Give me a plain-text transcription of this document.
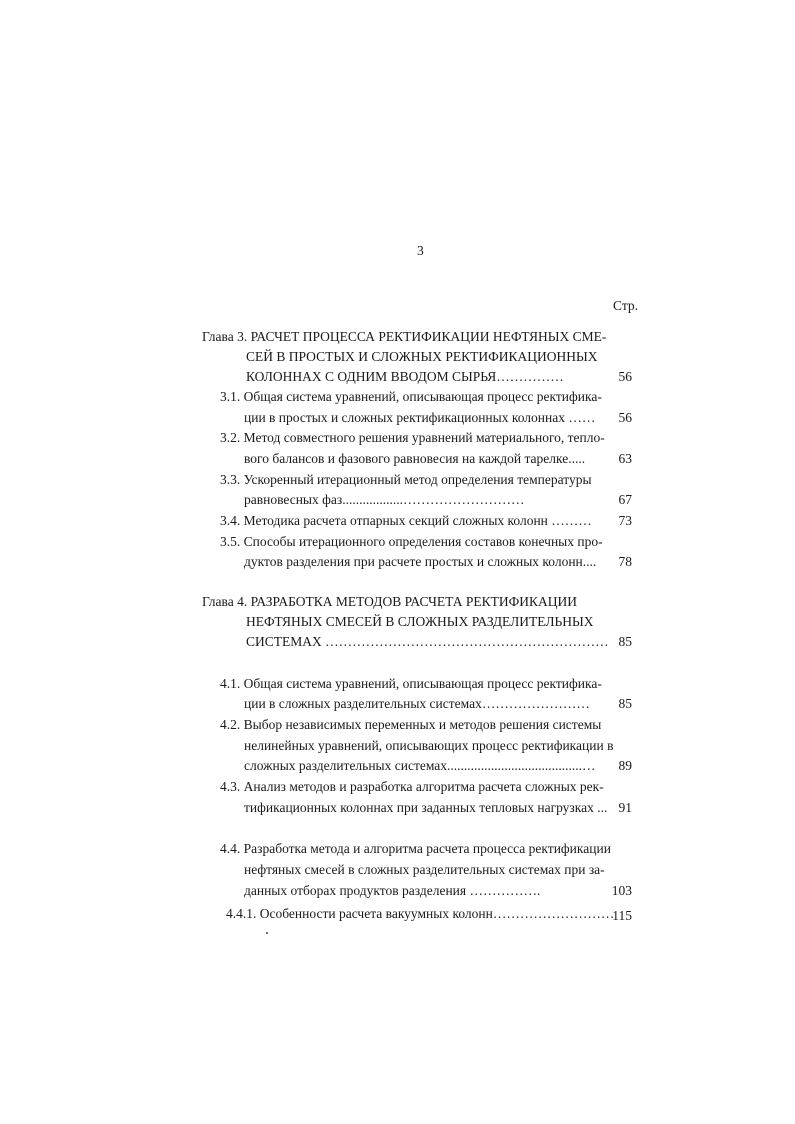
3
Стр.
Глава 3. РАСЧЕТ ПРОЦЕССА РЕКТИФИКАЦИИ НЕФТЯНЫХ СМЕ-
СЕЙ В ПРОСТЫХ И СЛОЖНЫХ РЕКТИФИКАЦИОННЫХ
КОЛОННАХ С ОДНИМ ВВОДОМ СЫРЬЯ……………	56
3.1. Общая система уравнений, описывающая процесс ректифика-
ции в простых и сложных ректификационных колоннах ……	56
3.2. Метод совместного решения уравнений материального, тепло-
вого балансов и фазового равновесия на каждой тарелке.....	63
3.3. Ускоренный итерационный метод определения температуры
равновесных фаз..................………………………	67
3.4. Методика расчета отпарных секций сложных колонн ………	73
3.5. Способы итерационного определения составов конечных про-
дуктов разделения при расчете простых и сложных колонн....	78
Глава 4. РАЗРАБОТКА МЕТОДОВ РАСЧЕТА РЕКТИФИКАЦИИ
НЕФТЯНЫХ СМЕСЕЙ В СЛОЖНЫХ РАЗДЕЛИТЕЛЬНЫХ
СИСТЕМАХ ……………………………………………………… 85
4.1. Общая система уравнений, описывающая процесс ректифика-
ции в сложных разделительных системах……………………	85
4.2. Выбор независимых переменных и методов решения системы
нелинейных уравнений, описывающих процесс ректификации в
сложных разделительных системах........................................…	89
4.3. Анализ методов и разработка алгоритма расчета сложных рек-
тификационных колоннах при заданных тепловых нагрузках ... 91
4.4. Разработка метода и алгоритма расчета процесса ректификации
нефтяных смесей в сложных разделительных системах при за-
данных отборах продуктов разделения …………….	103
4.4.1. Особенности расчета вакуумных колонн………………………
115
